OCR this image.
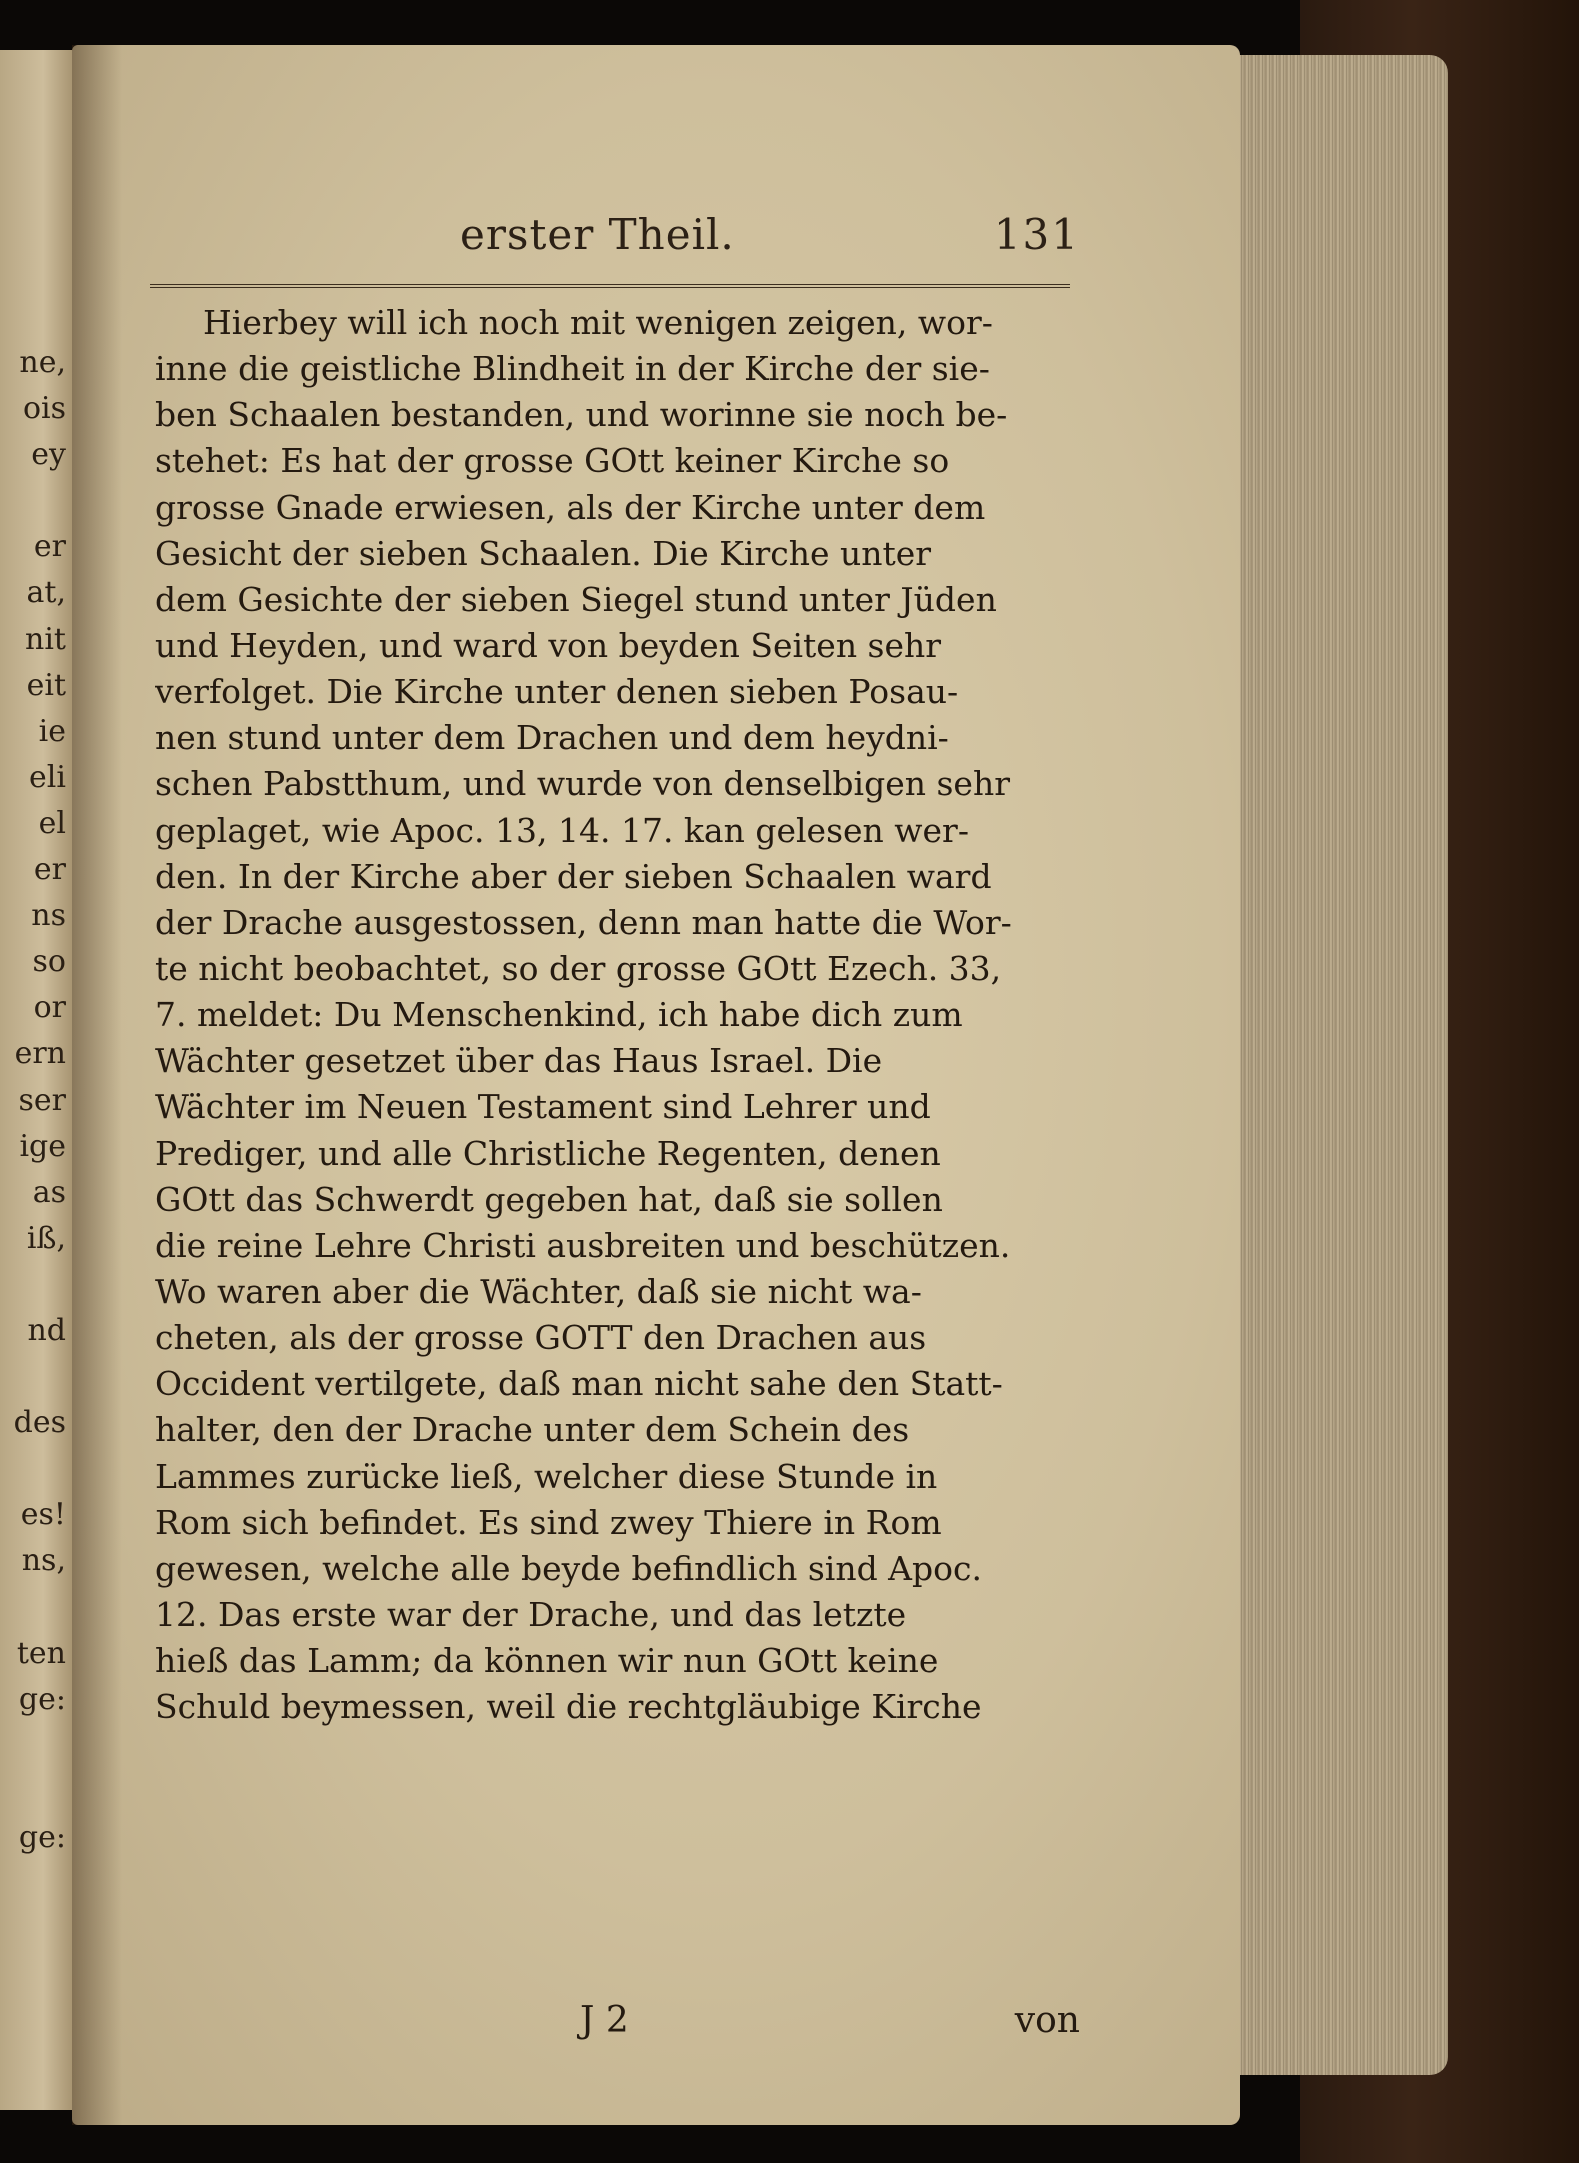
ne,
ois
ey
er
at,
nit
eit
ie
eli
el
er
ns
so
or
ern
ser
ige
as
iß,
nd
des
es!
ns,
ten
ge:
ge:
erster Theil.	131
Hierbey will ich noch mit wenigen zeigen, wor-
inne die geistliche Blindheit in der Kirche der sie-
ben Schaalen bestanden, und worinne sie noch be-
stehet: Es hat der grosse GOtt keiner Kirche so
grosse Gnade erwiesen, als der Kirche unter dem
Gesicht der sieben Schaalen. Die Kirche unter
dem Gesichte der sieben Siegel stund unter Jüden
und Heyden, und ward von beyden Seiten sehr
verfolget. Die Kirche unter denen sieben Posau-
nen stund unter dem Drachen und dem heydni-
schen Pabstthum, und wurde von denselbigen sehr
geplaget, wie Apoc. 13, 14. 17. kan gelesen wer-
den. In der Kirche aber der sieben Schaalen ward
der Drache ausgestossen, denn man hatte die Wor-
te nicht beobachtet, so der grosse GOtt Ezech. 33,
7. meldet: Du Menschenkind, ich habe dich zum
Wächter gesetzet über das Haus Israel. Die
Wächter im Neuen Testament sind Lehrer und
Prediger, und alle Christliche Regenten, denen
GOtt das Schwerdt gegeben hat, daß sie sollen
die reine Lehre Christi ausbreiten und beschützen.
Wo waren aber die Wächter, daß sie nicht wa-
cheten, als der grosse GOTT den Drachen aus
Occident vertilgete, daß man nicht sahe den Statt-
halter, den der Drache unter dem Schein des
Lammes zurücke ließ, welcher diese Stunde in
Rom sich befindet. Es sind zwey Thiere in Rom
gewesen, welche alle beyde befindlich sind Apoc.
12. Das erste war der Drache, und das letzte
hieß das Lamm; da können wir nun GOtt keine
Schuld beymessen, weil die rechtgläubige Kirche
J 2	von
